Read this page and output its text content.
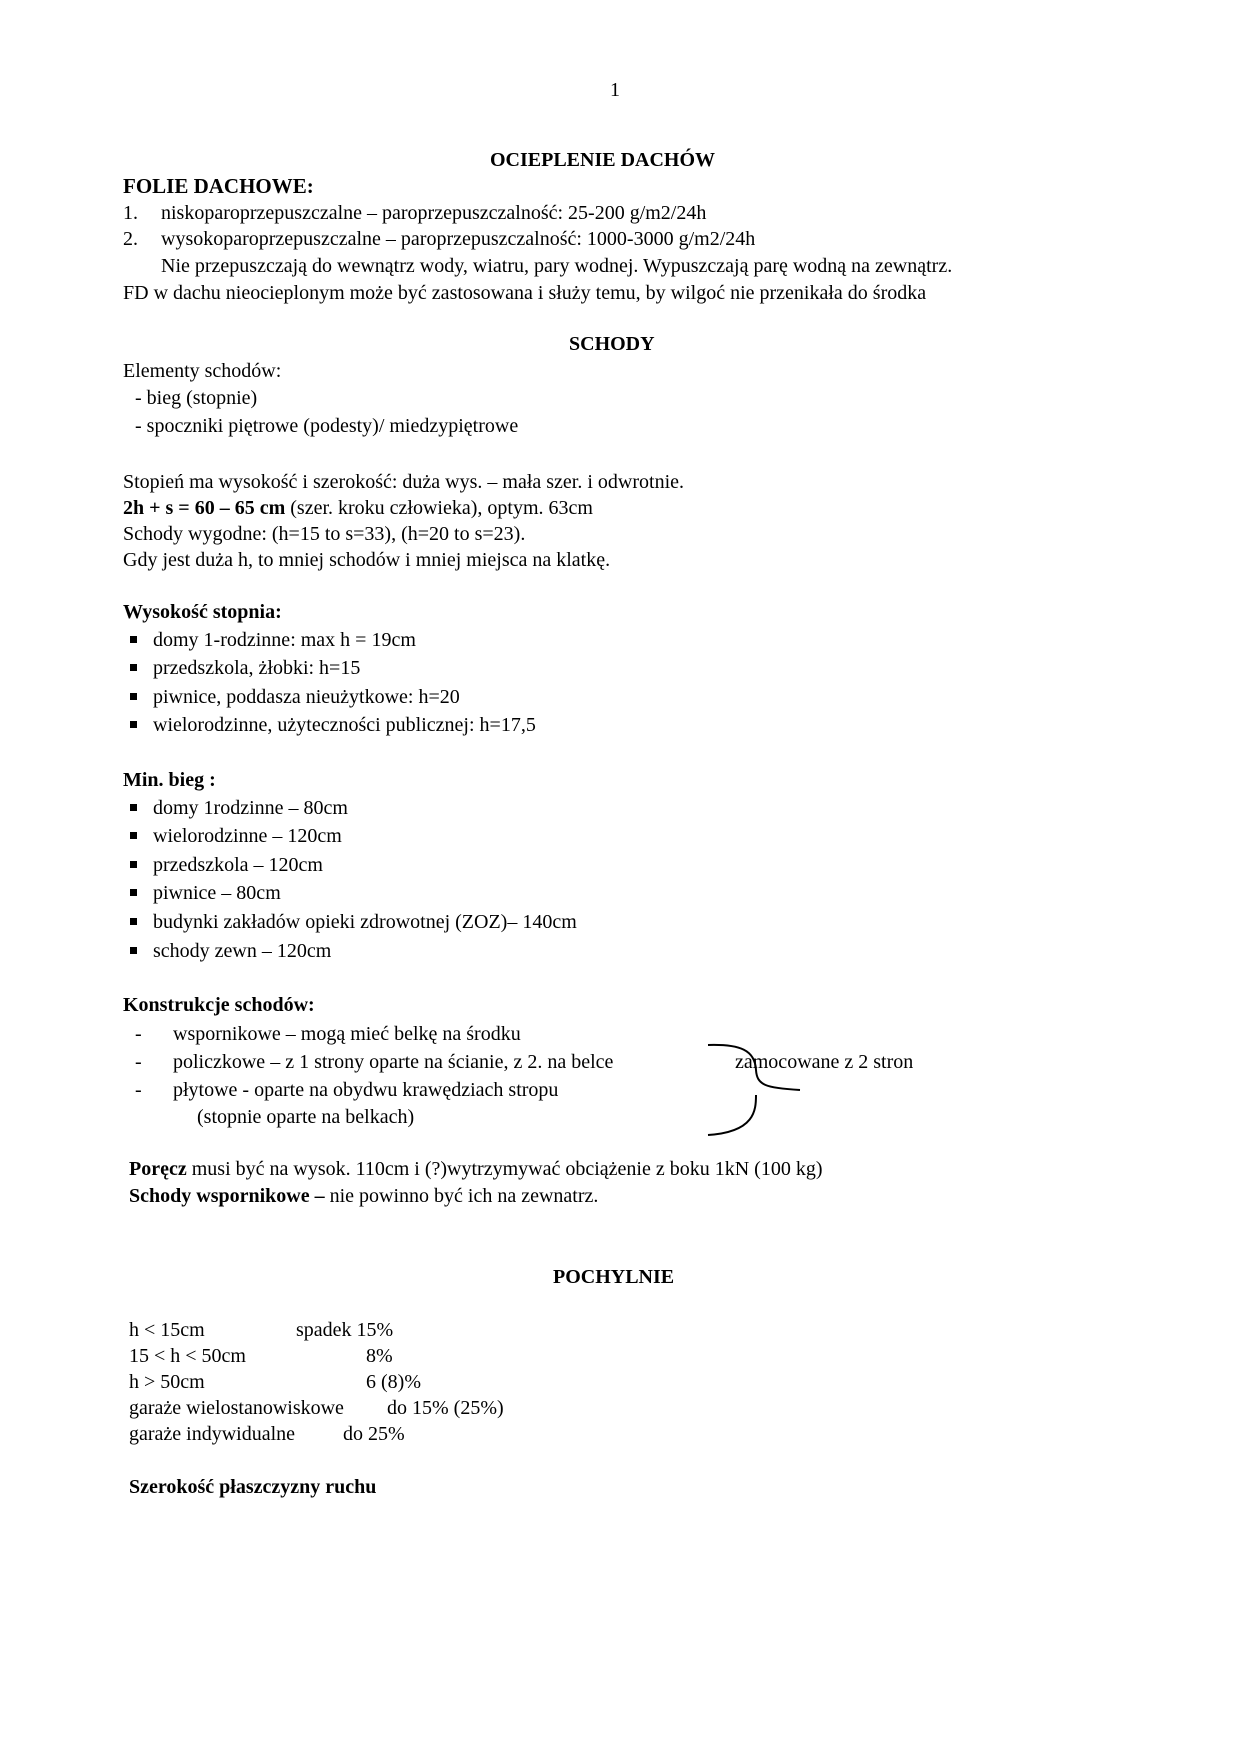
1
OCIEPLENIE DACHÓW
FOLIE DACHOWE:
1. niskoparoprzepuszczalne – paroprzepuszczalność: 25-200 g/m2/24h
2. wysokoparoprzepuszczalne – paroprzepuszczalność: 1000-3000 g/m2/24h
Nie przepuszczają do wewnątrz wody, wiatru, pary wodnej. Wypuszczają parę wodną na zewnątrz.
FD w dachu nieocieplonym może być zastosowana i służy temu, by wilgoć nie przenikała do środka
SCHODY
Elementy schodów:
- bieg (stopnie)
- spoczniki piętrowe (podesty)/ miedzypiętrowe
Stopień ma wysokość i szerokość: duża wys. – mała szer. i odwrotnie.
2h + s = 60 – 65 cm (szer. kroku człowieka), optym. 63cm
Schody wygodne: (h=15 to s=33), (h=20 to s=23).
Gdy jest duża h, to mniej schodów i mniej miejsca na klatkę.
Wysokość stopnia:
domy 1-rodzinne: max h = 19cm
przedszkola, żłobki: h=15
piwnice, poddasza nieużytkowe: h=20
wielorodzinne, użyteczności publicznej: h=17,5
Min. bieg :
domy 1rodzinne – 80cm
wielorodzinne – 120cm
przedszkola – 120cm
piwnice – 80cm
budynki zakładów opieki zdrowotnej (ZOZ)– 140cm
schody zewn – 120cm
Konstrukcje schodów:
- wspornikowe – mogą mieć belkę na środku
- policzkowe – z 1 strony oparte na ścianie, z 2. na belce
- płytowe - oparte na obydwu krawędziach stropu
(stopnie oparte na belkach)
zamocowane z 2 stron
Poręcz musi być na wysok. 110cm i (?)wytrzymywać obciążenie z boku 1kN (100 kg)
Schody wspornikowe – nie powinno być ich na zewnatrz.
POCHYLNIE
h < 15cm	spadek 15%
15 < h < 50cm	8%
h > 50cm	6 (8)%
garaże wielostanowiskowe do 15% (25%)
garaże indywidualne do 25%
Szerokość płaszczyzny ruchu
